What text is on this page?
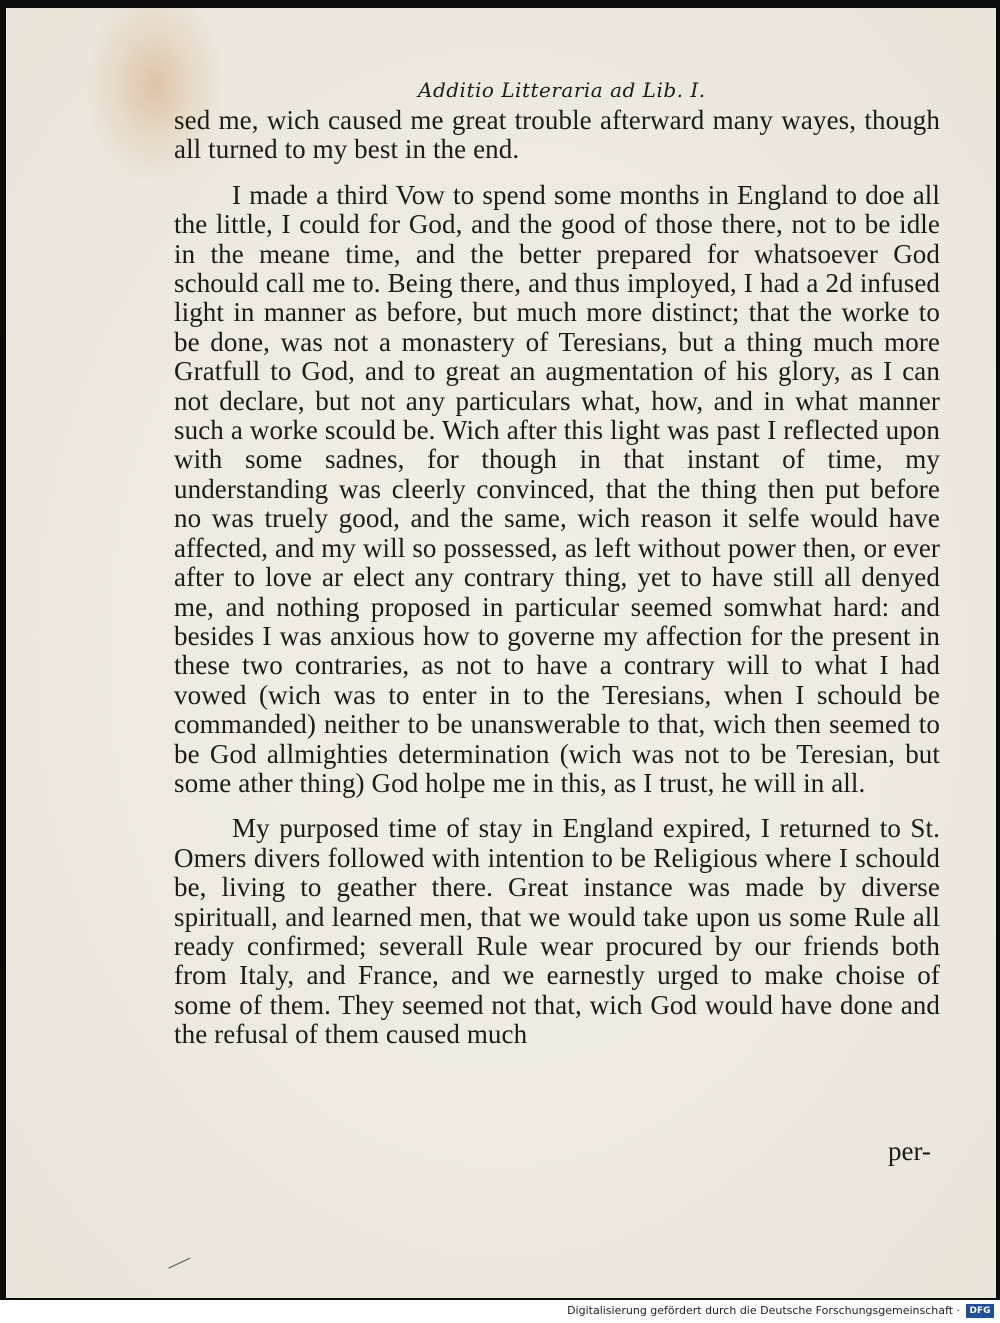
Additio Litteraria ad Lib. I.

sed me, wich caused me great trouble afterward many wayes, though all turned to my best in the end.

I made a third Vow to spend some months in England to doe all the little, I could for God, and the good of those there, not to be idle in the meane time, and the better prepared for whatsoever God schould call me to. Being there, and thus imployed, I had a 2d infused light in manner as before, but much more distinct; that the worke to be done, was not a monastery of Teresians, but a thing much more Gratfull to God, and to great an augmentation of his glory, as I can not declare, but not any particulars what, how, and in what manner such a worke scould be. Wich after this light was past I reflected upon with some sadnes, for though in that instant of time, my understanding was cleerly convinced, that the thing then put before no was truely good, and the same, wich reason it selfe would have affected, and my will so possessed, as left without power then, or ever after to love ar elect any contrary thing, yet to have still all denyed me, and nothing proposed in particular seemed somwhat hard: and besides I was anxious how to governe my affection for the present in these two contraries, as not to have a contrary will to what I had vowed (wich was to enter in to the Teresians, when I schould be commanded) neither to be unanswerable to that, wich then seemed to be God allmighties determination (wich was not to be Teresian, but some ather thing) God holpe me in this, as I trust, he will in all.

My purposed time of stay in England expired, I returned to St. Omers divers followed with intention to be Religious where I schould be, living to geather there. Great instance was made by diverse spirituall, and learned men, that we would take upon us some Rule all ready confirmed; severall Rule wear procured by our friends both from Italy, and France, and we earnestly urged to make choise of some of them. They seemed not that, wich God would have done and the refusal of them caused much

per-
Digitalisierung gefördert durch die Deutsche Forschungsgemeinschaft ·	DFG
